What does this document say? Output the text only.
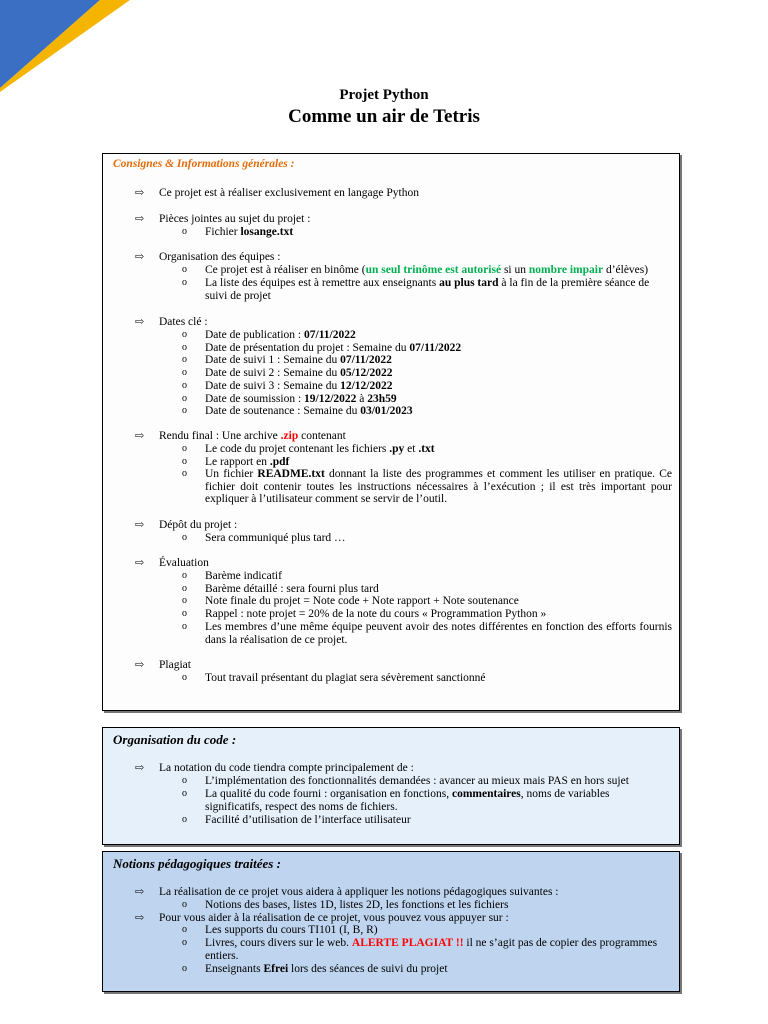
Projet Python
Comme un air de Tetris
Consignes & Informations générales :
⇨ Ce projet est à réaliser exclusivement en langage Python
⇨ Pièces jointes au sujet du projet :
o Fichier losange.txt
⇨ Organisation des équipes :
o Ce projet est à réaliser en binôme (un seul trinôme est autorisé si un nombre impair d’élèves)
o La liste des équipes est à remettre aux enseignants au plus tard à la fin de la première séance de
suivi de projet
⇨ Dates clé :
o Date de publication : 07/11/2022
o Date de présentation du projet : Semaine du 07/11/2022
o Date de suivi 1 : Semaine du 07/11/2022
o Date de suivi 2 : Semaine du 05/12/2022
o Date de suivi 3 : Semaine du 12/12/2022
o Date de soumission : 19/12/2022 à 23h59
o Date de soutenance : Semaine du 03/01/2023
⇨ Rendu final : Une archive .zip contenant
o Le code du projet contenant les fichiers .py et .txt
o Le rapport en .pdf
o Un fichier README.txt donnant la liste des programmes et comment les utiliser en pratique. Ce fichier doit contenir toutes les instructions nécessaires à l’exécution ; il est très important pour expliquer à l’utilisateur comment se servir de l’outil.
⇨ Dépôt du projet :
o Sera communiqué plus tard …
⇨ Évaluation
o Barème indicatif
o Barème détaillé : sera fourni plus tard
o Note finale du projet = Note code + Note rapport + Note soutenance
o Rappel : note projet = 20% de la note du cours « Programmation Python »
o Les membres d’une même équipe peuvent avoir des notes différentes en fonction des efforts fournis dans la réalisation de ce projet.
⇨ Plagiat
o Tout travail présentant du plagiat sera sévèrement sanctionné
Organisation du code :
⇨ La notation du code tiendra compte principalement de :
o L’implémentation des fonctionnalités demandées : avancer au mieux mais PAS en hors sujet
o La qualité du code fourni : organisation en fonctions, commentaires, noms de variables significatifs, respect des noms de fichiers.
o Facilité d’utilisation de l’interface utilisateur
Notions pédagogiques traitées :
⇨ La réalisation de ce projet vous aidera à appliquer les notions pédagogiques suivantes :
o Notions des bases, listes 1D, listes 2D, les fonctions et les fichiers
⇨ Pour vous aider à la réalisation de ce projet, vous pouvez vous appuyer sur :
o Les supports du cours TI101 (I, B, R)
o Livres, cours divers sur le web. ALERTE PLAGIAT !! il ne s’agit pas de copier des programmes entiers.
o Enseignants Efrei lors des séances de suivi du projet
